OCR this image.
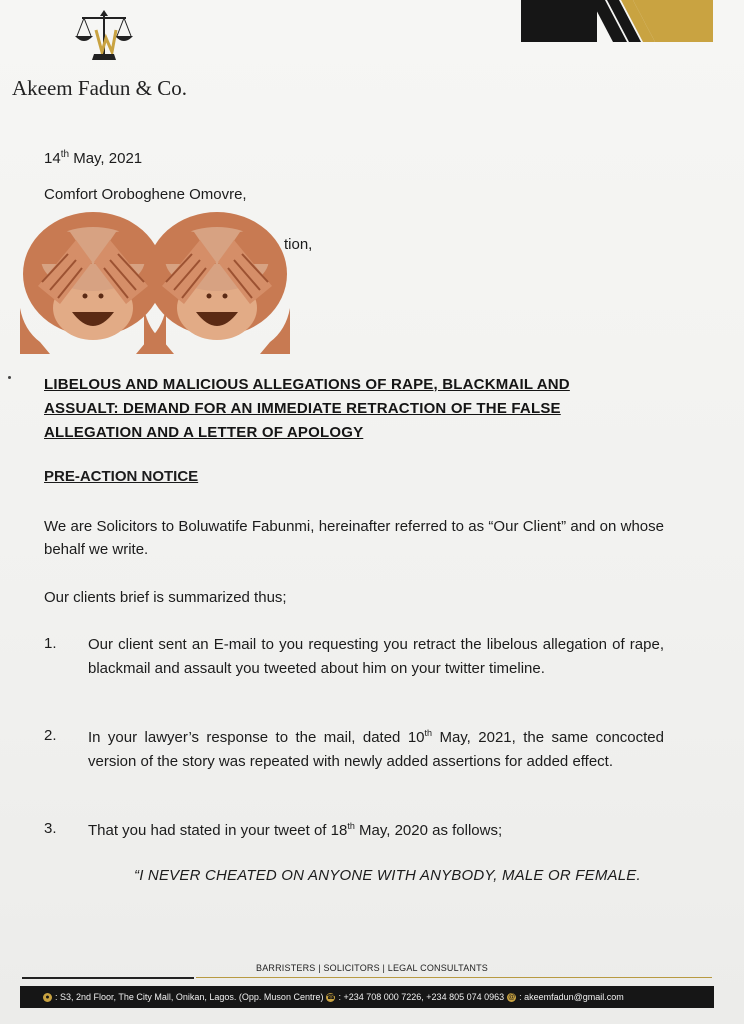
Akeem Fadun & Co.
14th May, 2021
Comfort Oroboghene Omovre,
tion,
LIBELOUS AND MALICIOUS ALLEGATIONS OF RAPE, BLACKMAIL AND
ASSUALT: DEMAND FOR AN IMMEDIATE RETRACTION OF THE FALSE
ALLEGATION AND A LETTER OF APOLOGY
PRE-ACTION NOTICE
We are Solicitors to Boluwatife Fabunmi, hereinafter referred to as “Our Client” and on whose behalf we write.
Our clients brief is summarized thus;
1. Our client sent an E-mail to you requesting you retract the libelous allegation of rape, blackmail and assault you tweeted about him on your twitter timeline.
2. In your lawyer’s response to the mail, dated 10th May, 2021, the same concocted version of the story was repeated with newly added assertions for added effect.
3. That you had stated in your tweet of 18th May, 2020 as follows;
“I NEVER CHEATED ON ANYONE WITH ANYBODY, MALE OR FEMALE.
BARRISTERS | SOLICITORS | LEGAL CONSULTANTS
● : S3, 2nd Floor, The City Mall, Onikan, Lagos. (Opp. Muson Centre) ☎ : +234 708 000 7226, +234 805 074 0963 @ : akeemfadun@gmail.com
